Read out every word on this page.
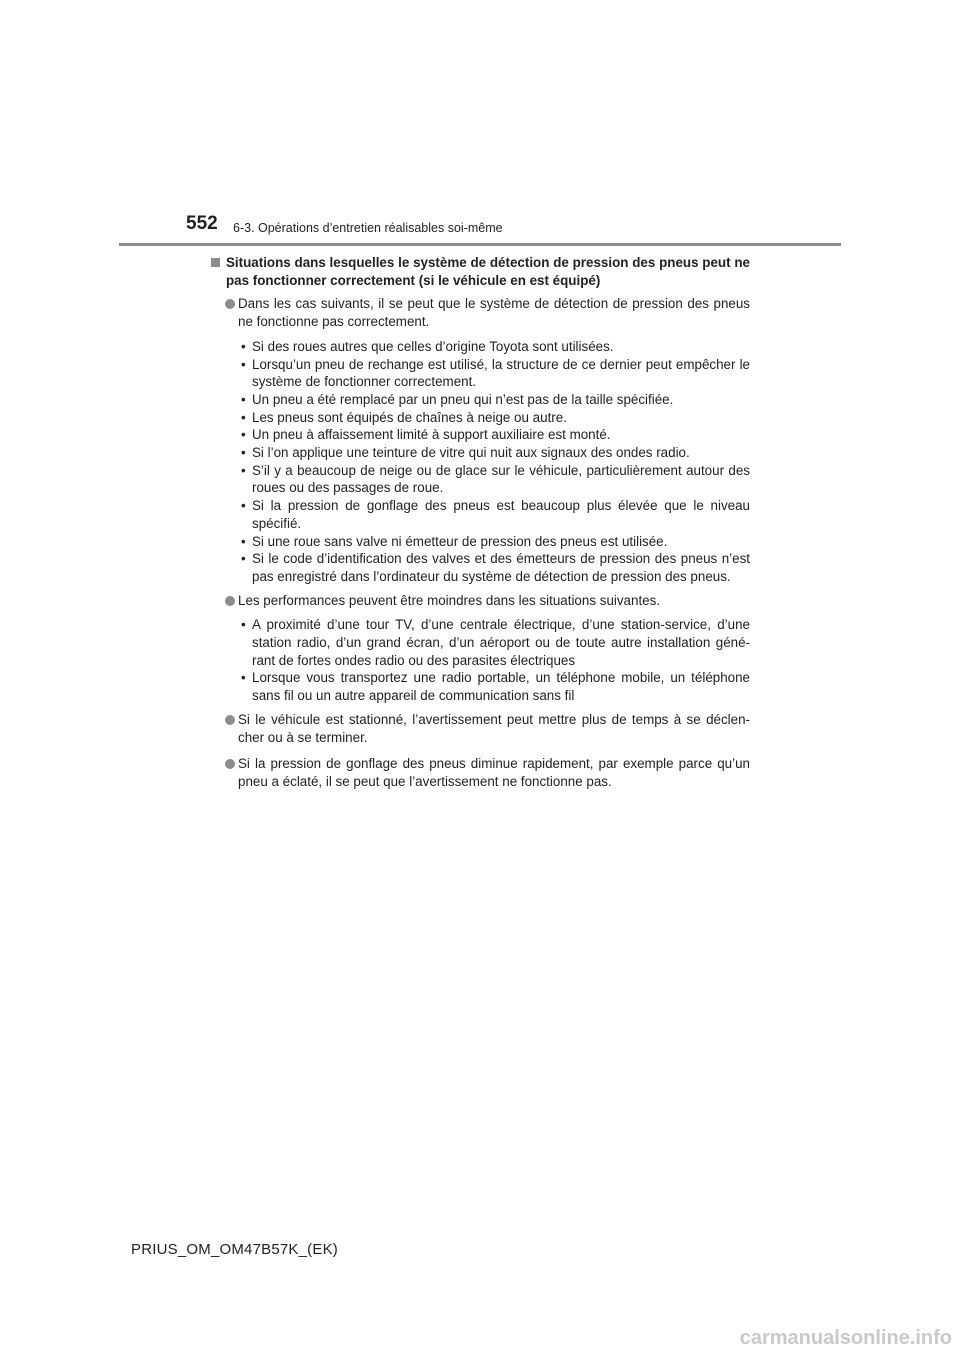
552 6-3. Opérations d’entretien réalisables soi-même
Situations dans lesquelles le système de détection de pression des pneus peut ne pas fonctionner correctement (si le véhicule en est équipé)
Dans les cas suivants, il se peut que le système de détection de pression des pneus ne fonctionne pas correctement.
• Si des roues autres que celles d’origine Toyota sont utilisées.
• Lorsqu’un pneu de rechange est utilisé, la structure de ce dernier peut empêcher le système de fonctionner correctement.
• Un pneu a été remplacé par un pneu qui n’est pas de la taille spécifiée.
• Les pneus sont équipés de chaînes à neige ou autre.
• Un pneu à affaissement limité à support auxiliaire est monté.
• Si l’on applique une teinture de vitre qui nuit aux signaux des ondes radio.
• S’il y a beaucoup de neige ou de glace sur le véhicule, particulièrement autour des roues ou des passages de roue.
• Si la pression de gonflage des pneus est beaucoup plus élevée que le niveau spécifié.
• Si une roue sans valve ni émetteur de pression des pneus est utilisée.
• Si le code d’identification des valves et des émetteurs de pression des pneus n’est pas enregistré dans l’ordinateur du système de détection de pression des pneus.
Les performances peuvent être moindres dans les situations suivantes.
• A proximité d’une tour TV, d’une centrale électrique, d’une station-service, d’une station radio, d’un grand écran, d’un aéroport ou de toute autre installation géné-rant de fortes ondes radio ou des parasites électriques
• Lorsque vous transportez une radio portable, un téléphone mobile, un téléphone sans fil ou un autre appareil de communication sans fil
Si le véhicule est stationné, l’avertissement peut mettre plus de temps à se déclen-cher ou à se terminer.
Si la pression de gonflage des pneus diminue rapidement, par exemple parce qu’un pneu a éclaté, il se peut que l’avertissement ne fonctionne pas.
PRIUS_OM_OM47B57K_(EK)
carmanualsonline.info
